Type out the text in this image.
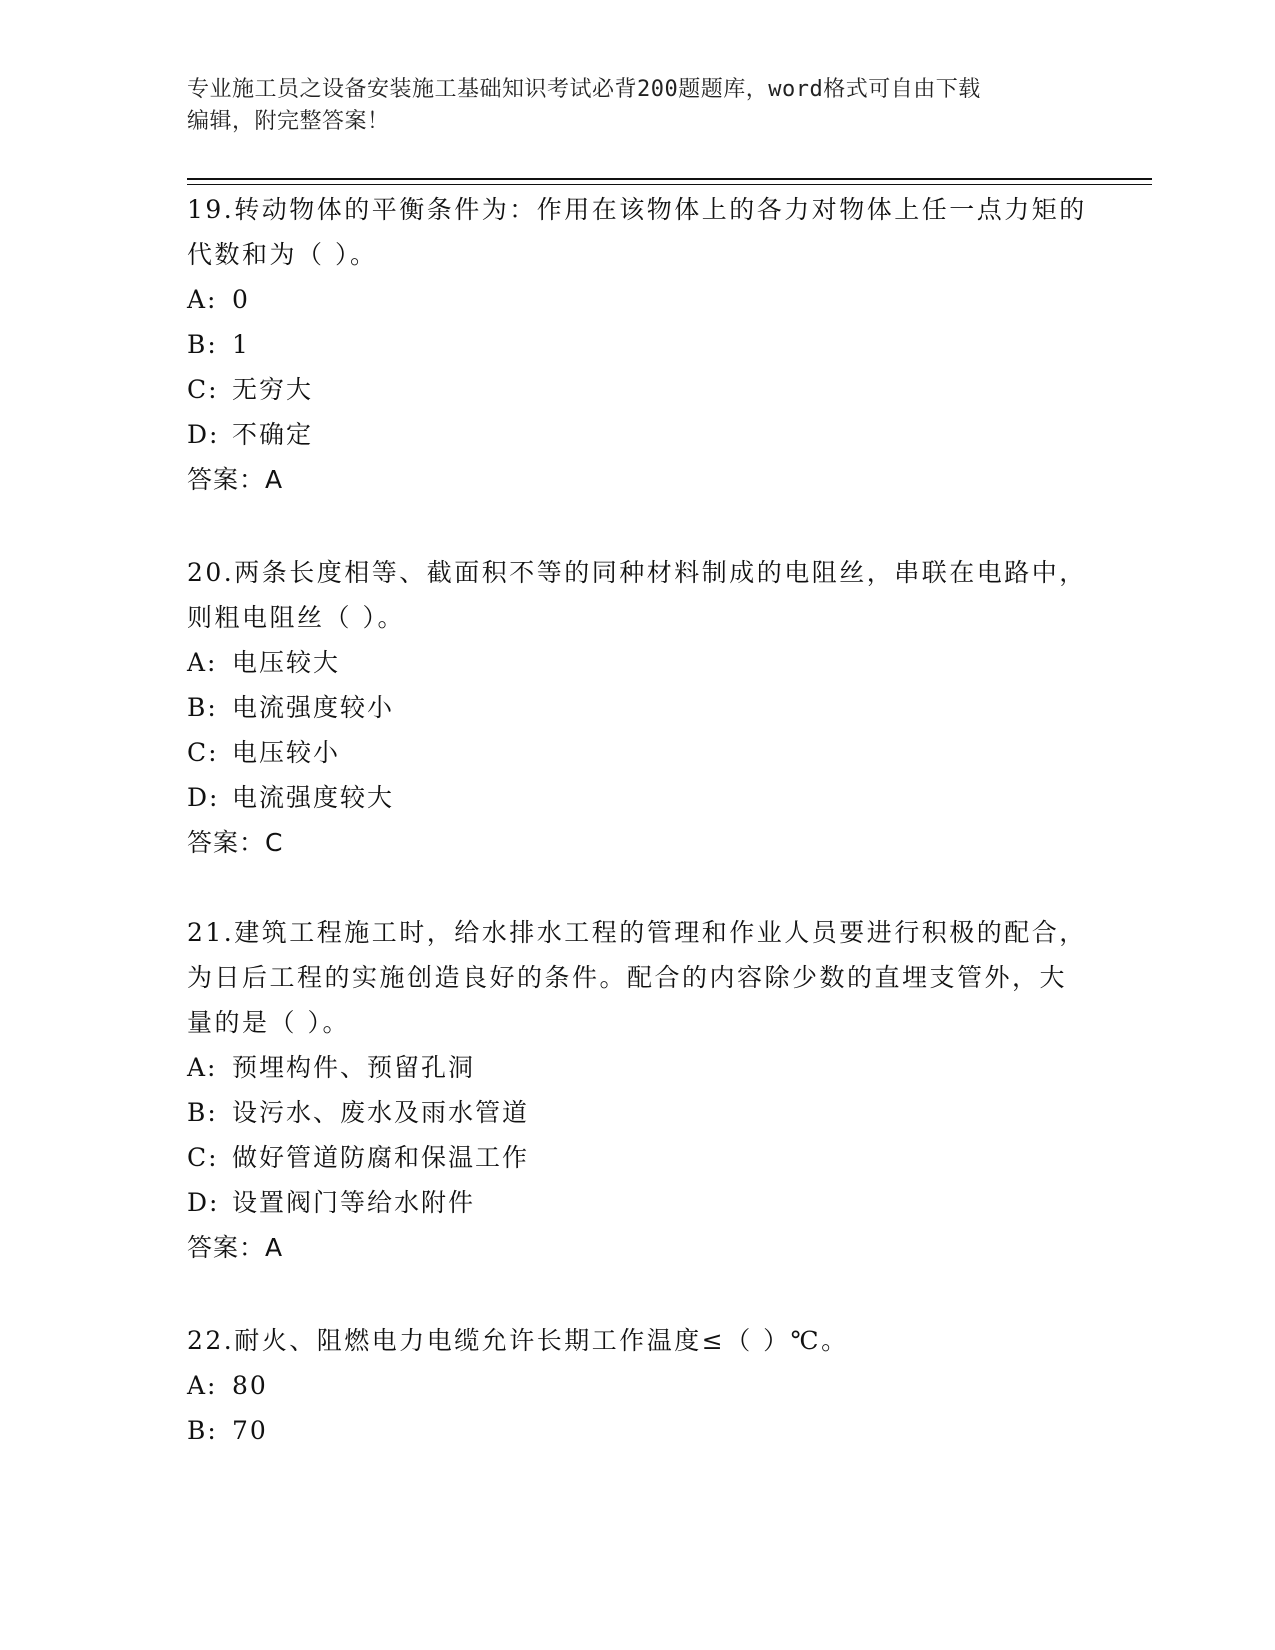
专业施工员之设备安装施工基础知识考试必背200题题库，word格式可自由下载
编辑，附完整答案！

19.转动物体的平衡条件为：作用在该物体上的各力对物体上任一点力矩的代数和为（ ）。

A: 0

B: 1

C: 无穷大

D: 不确定

答案：A

20.两条长度相等、截面积不等的同种材料制成的电阻丝，串联在电路中，则粗电阻丝（ ）。

A: 电压较大

B: 电流强度较小

C: 电压较小

D: 电流强度较大

答案：C

21.建筑工程施工时，给水排水工程的管理和作业人员要进行积极的配合，为日后工程的实施创造良好的条件。配合的内容除少数的直埋支管外，大量的是（ ）。

A: 预埋构件、预留孔洞

B: 设污水、废水及雨水管道

C: 做好管道防腐和保温工作

D: 设置阀门等给水附件

答案：A

22.耐火、阻燃电力电缆允许长期工作温度≤（ ）℃。

A: 80

B: 70
